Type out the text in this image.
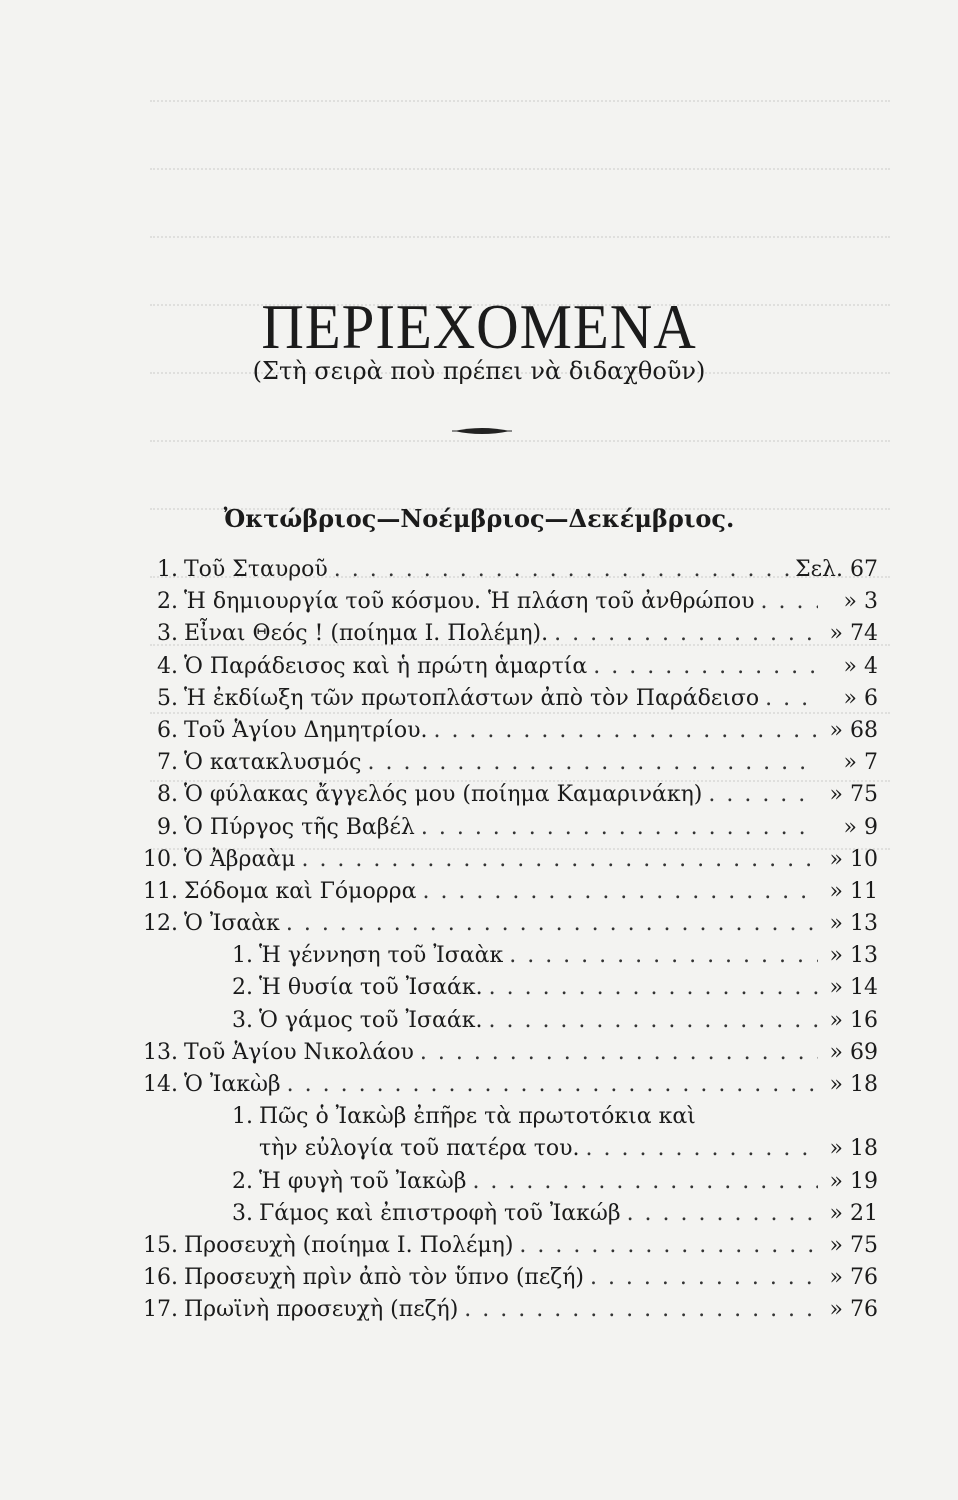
ΠΕΡΙΕΧΟΜΕΝΑ
(Στὴ σειρὰ ποὺ πρέπει νὰ διδαχθοῦν)
Ὀκτώβριος—Νοέμβριος—Δεκέμβριος.
1. Τοῦ Σταυροῦ . . .	Σελ. 67
2. Ἡ δημιουργία τοῦ κόσμου. Ἡ πλάση τοῦ ἀνθρώπου . . .	» 3
3. Εἶναι Θεός ! (ποίημα Ι. Πολέμη). . . .	» 74
4. Ὁ Παράδεισος καὶ ἡ πρώτη ἁμαρτία . . .	» 4
5. Ἡ ἐκδίωξη τῶν πρωτοπλάστων ἀπὸ τὸν Παράδεισο . . .	» 6
6. Τοῦ Ἁγίου Δημητρίου. . . .	» 68
7. Ὁ κατακλυσμός . . .	» 7
8. Ὁ φύλακας ἄγγελός μου (ποίημα Καμαρινάκη) . . .	» 75
9. Ὁ Πύργος τῆς Βαβέλ . . .	» 9
10. Ὁ Ἀβραὰμ . . .	» 10
11. Σόδομα καὶ Γόμορρα . . .	» 11
12. Ὁ Ἰσαὰκ . . .	» 13
1. Ἡ γέννηση τοῦ Ἰσαὰκ . . .	» 13
2. Ἡ θυσία τοῦ Ἰσαάκ. . . .	» 14
3. Ὁ γάμος τοῦ Ἰσαάκ. . . .	» 16
13. Τοῦ Ἁγίου Νικολάου . . .	» 69
14. Ὁ Ἰακὼβ . . .	» 18
1. Πῶς ὁ Ἰακὼβ ἐπῆρε τὰ πρωτοτόκια καὶ
τὴν εὐλογία τοῦ πατέρα του. . . .	» 18
2. Ἡ φυγὴ τοῦ Ἰακὼβ . . .	» 19
3. Γάμος καὶ ἐπιστροφὴ τοῦ Ἰακώβ . . .	» 21
15. Προσευχὴ (ποίημα Ι. Πολέμη) . . .	» 75
16. Προσευχὴ πρὶν ἀπὸ τὸν ὕπνο (πεζή) . . .	» 76
17. Πρωϊνὴ προσευχὴ (πεζή) . . .	» 76
